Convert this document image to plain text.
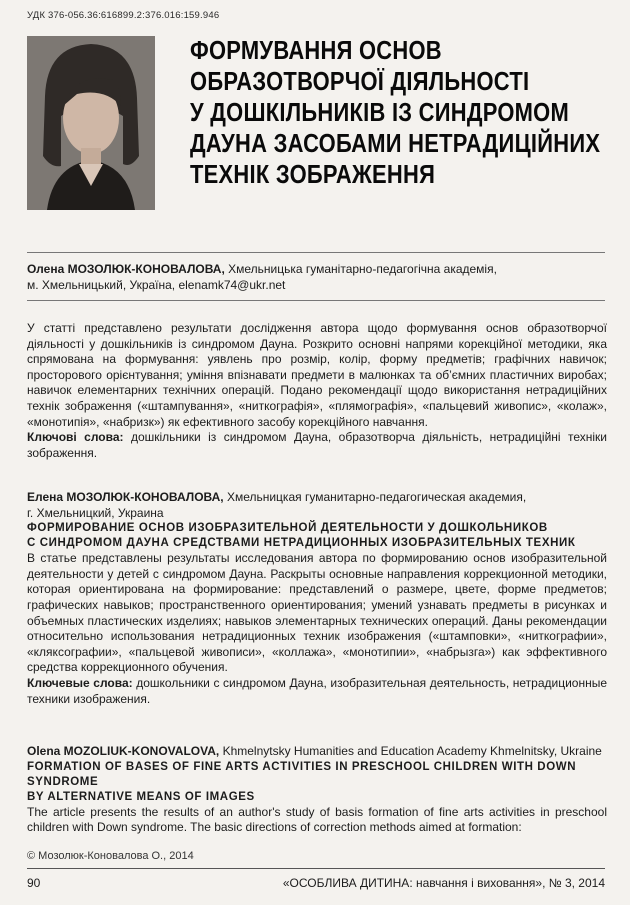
УДК 376-056.36:616899.2:376.016:159.946
ФОРМУВАННЯ ОСНОВ
ОБРАЗОТВОРЧОЇ ДІЯЛЬНОСТІ
У ДОШКІЛЬНИКІВ ІЗ СИНДРОМОМ
ДАУНА ЗАСОБАМИ НЕТРАДИЦІЙНИХ
ТЕХНІК ЗОБРАЖЕННЯ

Олена МОЗОЛЮК-КОНОВАЛОВА, Хмельницька гуманітарно-педагогічна академія,
м. Хмельницький, Україна, elenamk74@ukr.net

У статті представлено результати дослідження автора щодо формування основ образотворчої діяльності у дошкільників із синдромом Дауна. Розкрито основні напрями корекційної методики, яка спрямована на формування: уявлень про розмір, колір, форму предметів; графічних навичок; просторового орієнтування; уміння впізнавати предмети в малюнках та об’ємних пластичних виробах; навичок елементарних технічних операцій. Подано рекомендації щодо використання нетрадиційних технік зображення («штампування», «ниткографія», «плямографія», «пальцевий живопис», «колаж», «монотипія», «набризк») як ефективного засобу корекційного навчання.

Ключові слова: дошкільники із синдромом Дауна, образотворча діяльність, нетрадиційні техніки зображення.

Елена МОЗОЛЮК-КОНОВАЛОВА, Хмельницкая гуманитарно-педагогическая академия,
г. Хмельницкий, Украина

ФОРМИРОВАНИЕ ОСНОВ ИЗОБРАЗИТЕЛЬНОЙ ДЕЯТЕЛЬНОСТИ У ДОШКОЛЬНИКОВ
С СИНДРОМОМ ДАУНА СРЕДСТВАМИ НЕТРАДИЦИОННЫХ ИЗОБРАЗИТЕЛЬНЫХ ТЕХНИК

В статье представлены результаты исследования автора по формированию основ изобразительной деятельности у детей с синдромом Дауна. Раскрыты основные направления коррекционной методики, которая ориентирована на формирование: представлений о размере, цвете, форме предметов; графических навыков; пространственного ориентирования; умений узнавать предметы в рисунках и объемных пластических изделиях; навыков элементарных технических операций. Даны рекомендации относительно использования нетрадиционных техник изображения («штамповки», «ниткографии», «кляксографии», «пальцевой живописи», «коллажа», «монотипии», «набрызга») как эффективного средства коррекционного обучения.

Ключевые слова: дошкольники с синдромом Дауна, изобразительная деятельность, нетрадиционные техники изображения.

Olena MOZOLIUK-KONOVALOVA, Khmelnytsky Humanities and Education Academy Khmelnitsky, Ukraine

FORMATION OF BASES OF FINE ARTS ACTIVITIES IN PRESCHOOL CHILDREN WITH DOWN SYNDROME
BY ALTERNATIVE MEANS OF IMAGES

The article presents the results of an author's study of basis formation of fine arts activities in preschool children with Down syndrome. The basic directions of correction methods aimed at formation:

© Мозолюк-Коновалова О., 2014
90	«ОСОБЛИВА ДИТИНА: навчання і виховання», № 3, 2014
